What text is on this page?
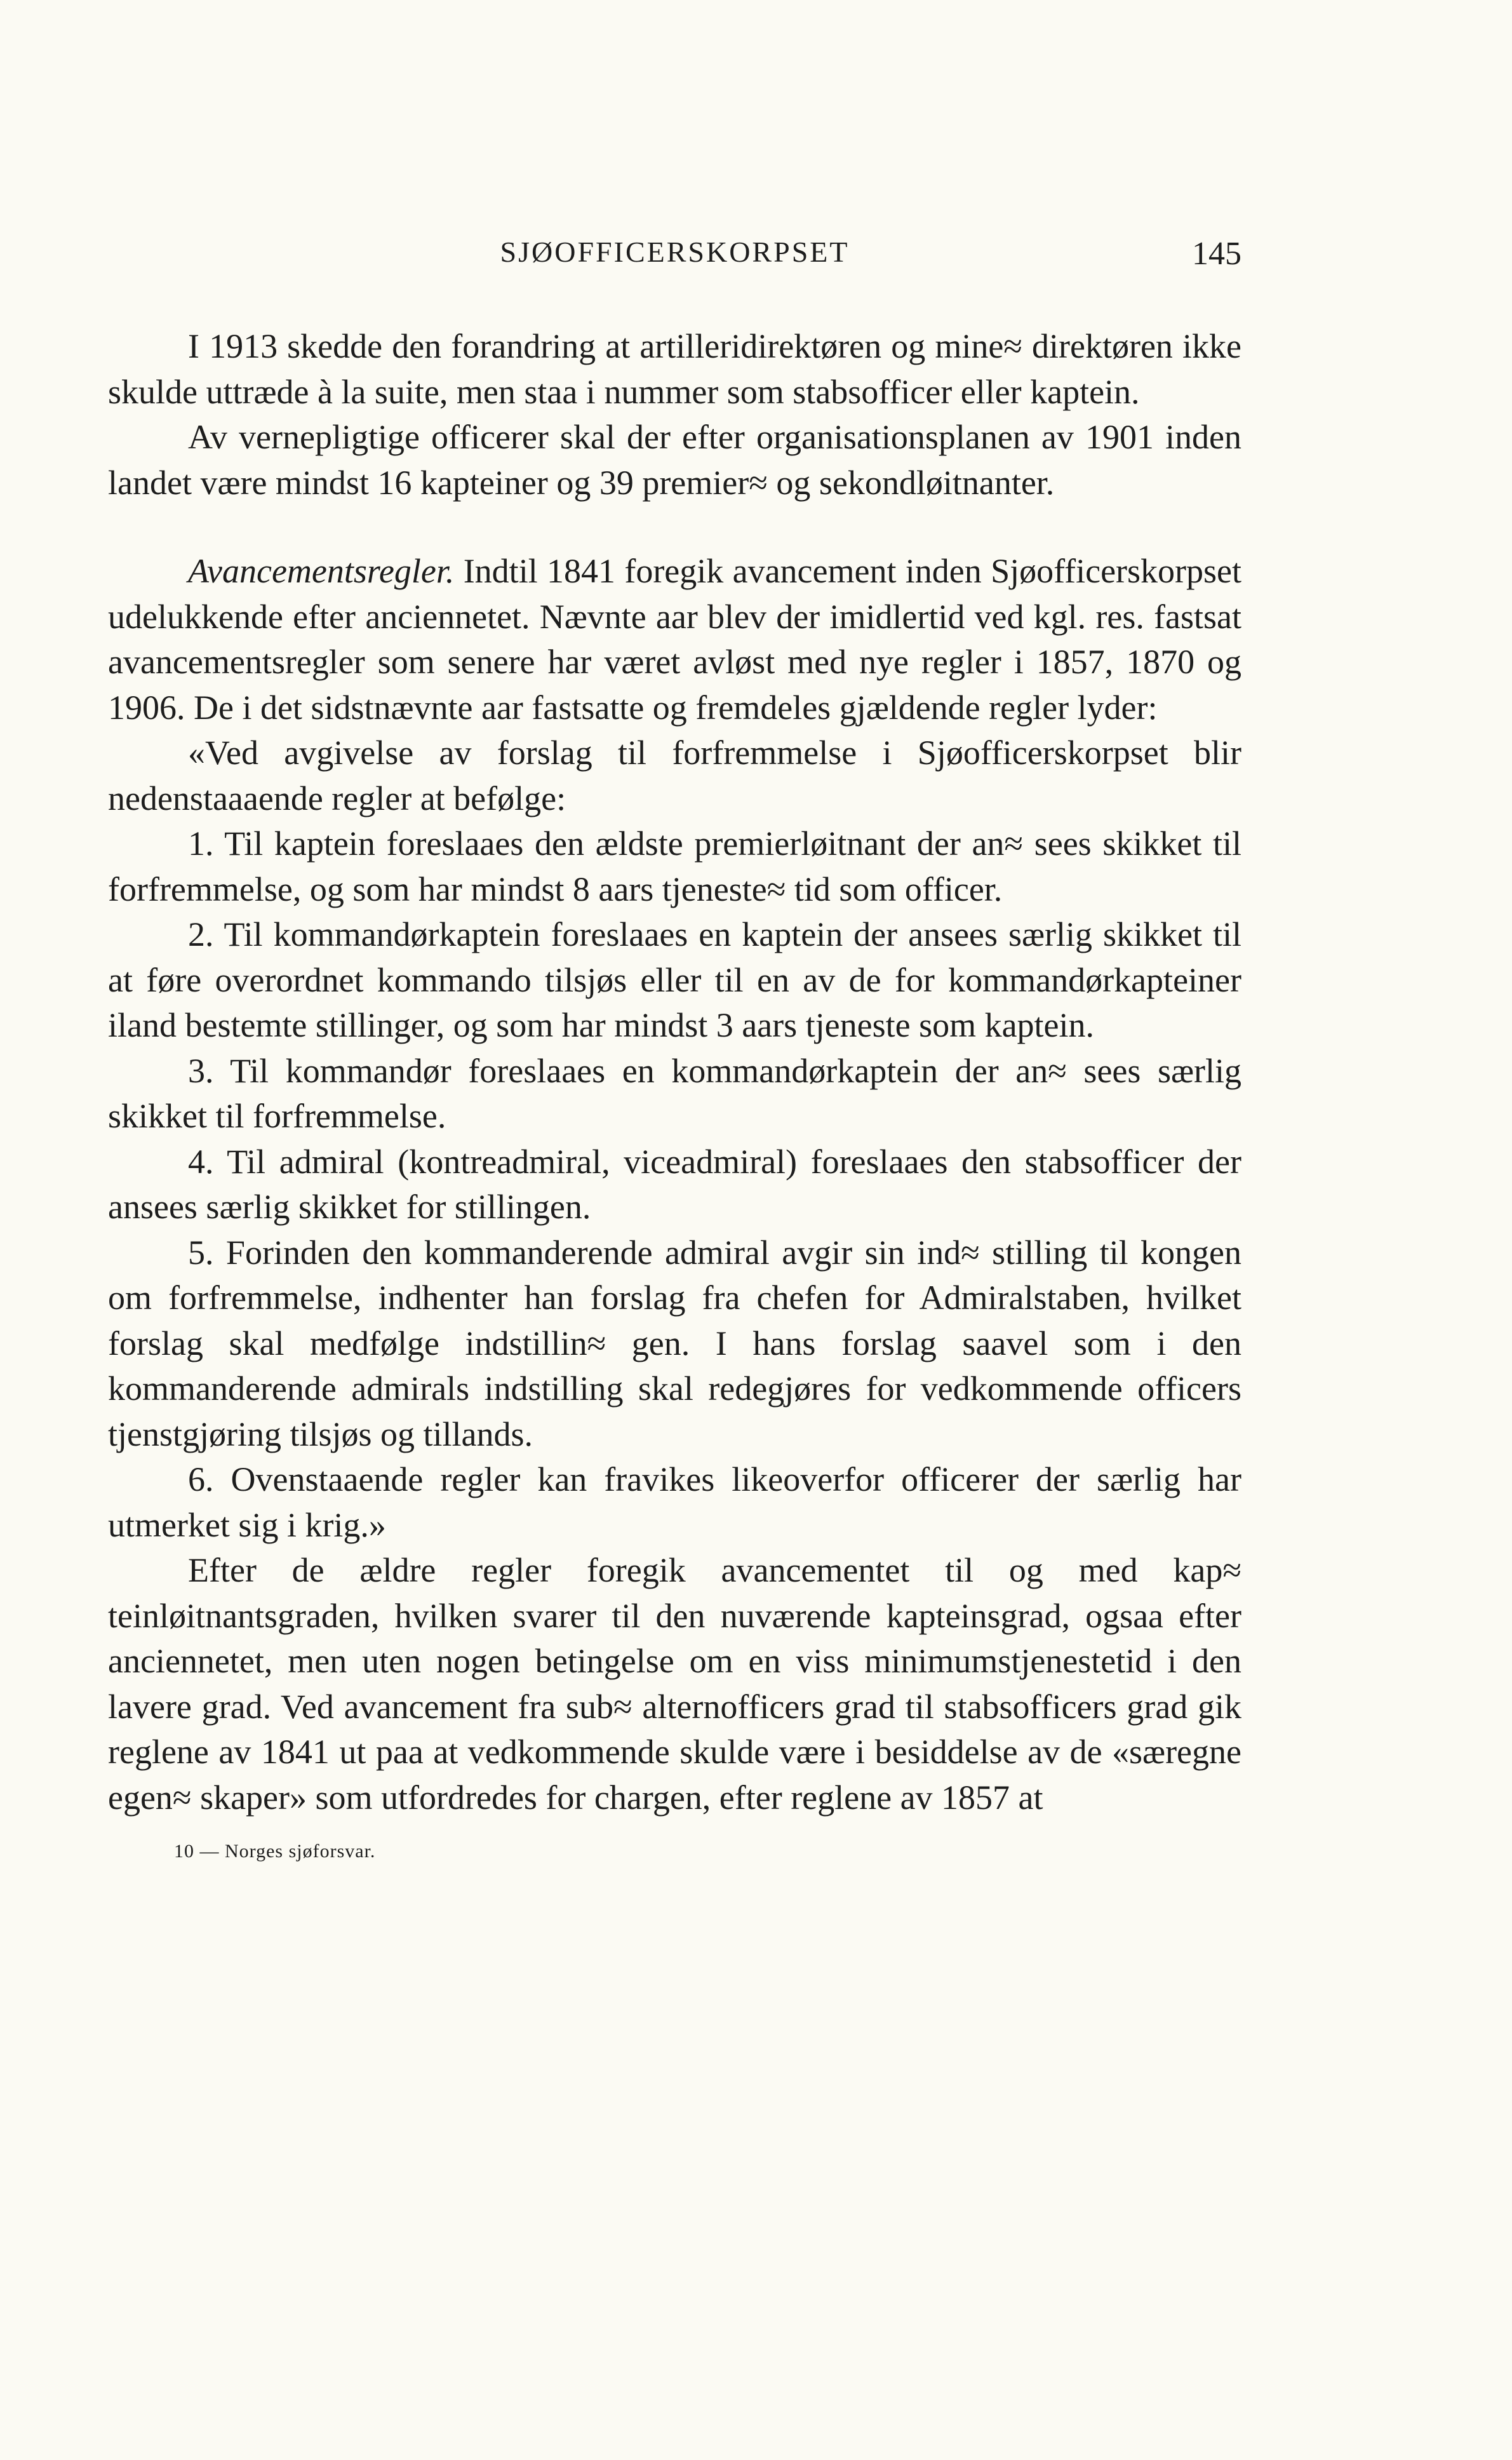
SJØOFFICERSKORPSET	145

I 1913 skedde den forandring at artilleridirektøren og mine≈ direktøren ikke skulde uttræde à la suite, men staa i nummer som stabsofficer eller kaptein.

Av vernepligtige officerer skal der efter organisationsplanen av 1901 inden landet være mindst 16 kapteiner og 39 premier≈ og sekondløitnanter.

Avancementsregler. Indtil 1841 foregik avancement inden Sjøofficerskorpset udelukkende efter anciennetet. Nævnte aar blev der imidlertid ved kgl. res. fastsat avancementsregler som senere har været avløst med nye regler i 1857, 1870 og 1906. De i det sidstnævnte aar fastsatte og fremdeles gjældende regler lyder:

«Ved avgivelse av forslag til forfremmelse i Sjøofficerskorpset blir nedenstaaaende regler at befølge:

1. Til kaptein foreslaaes den ældste premierløitnant der an≈ sees skikket til forfremmelse, og som har mindst 8 aars tjeneste≈ tid som officer.

2. Til kommandørkaptein foreslaaes en kaptein der ansees særlig skikket til at føre overordnet kommando tilsjøs eller til en av de for kommandørkapteiner iland bestemte stillinger, og som har mindst 3 aars tjeneste som kaptein.

3. Til kommandør foreslaaes en kommandørkaptein der an≈ sees særlig skikket til forfremmelse.

4. Til admiral (kontreadmiral, viceadmiral) foreslaaes den stabsofficer der ansees særlig skikket for stillingen.

5. Forinden den kommanderende admiral avgir sin ind≈ stilling til kongen om forfremmelse, indhenter han forslag fra chefen for Admiralstaben, hvilket forslag skal medfølge indstillin≈ gen. I hans forslag saavel som i den kommanderende admirals indstilling skal redegjøres for vedkommende officers tjenstgjøring tilsjøs og tillands.

6. Ovenstaaende regler kan fravikes likeoverfor officerer der særlig har utmerket sig i krig.»

Efter de ældre regler foregik avancementet til og med kap≈ teinløitnantsgraden, hvilken svarer til den nuværende kapteinsgrad, ogsaa efter anciennetet, men uten nogen betingelse om en viss minimumstjenestetid i den lavere grad. Ved avancement fra sub≈ alternofficers grad til stabsofficers grad gik reglene av 1841 ut paa at vedkommende skulde være i besiddelse av de «særegne egen≈ skaper» som utfordredes for chargen, efter reglene av 1857 at

10 — Norges sjøforsvar.
